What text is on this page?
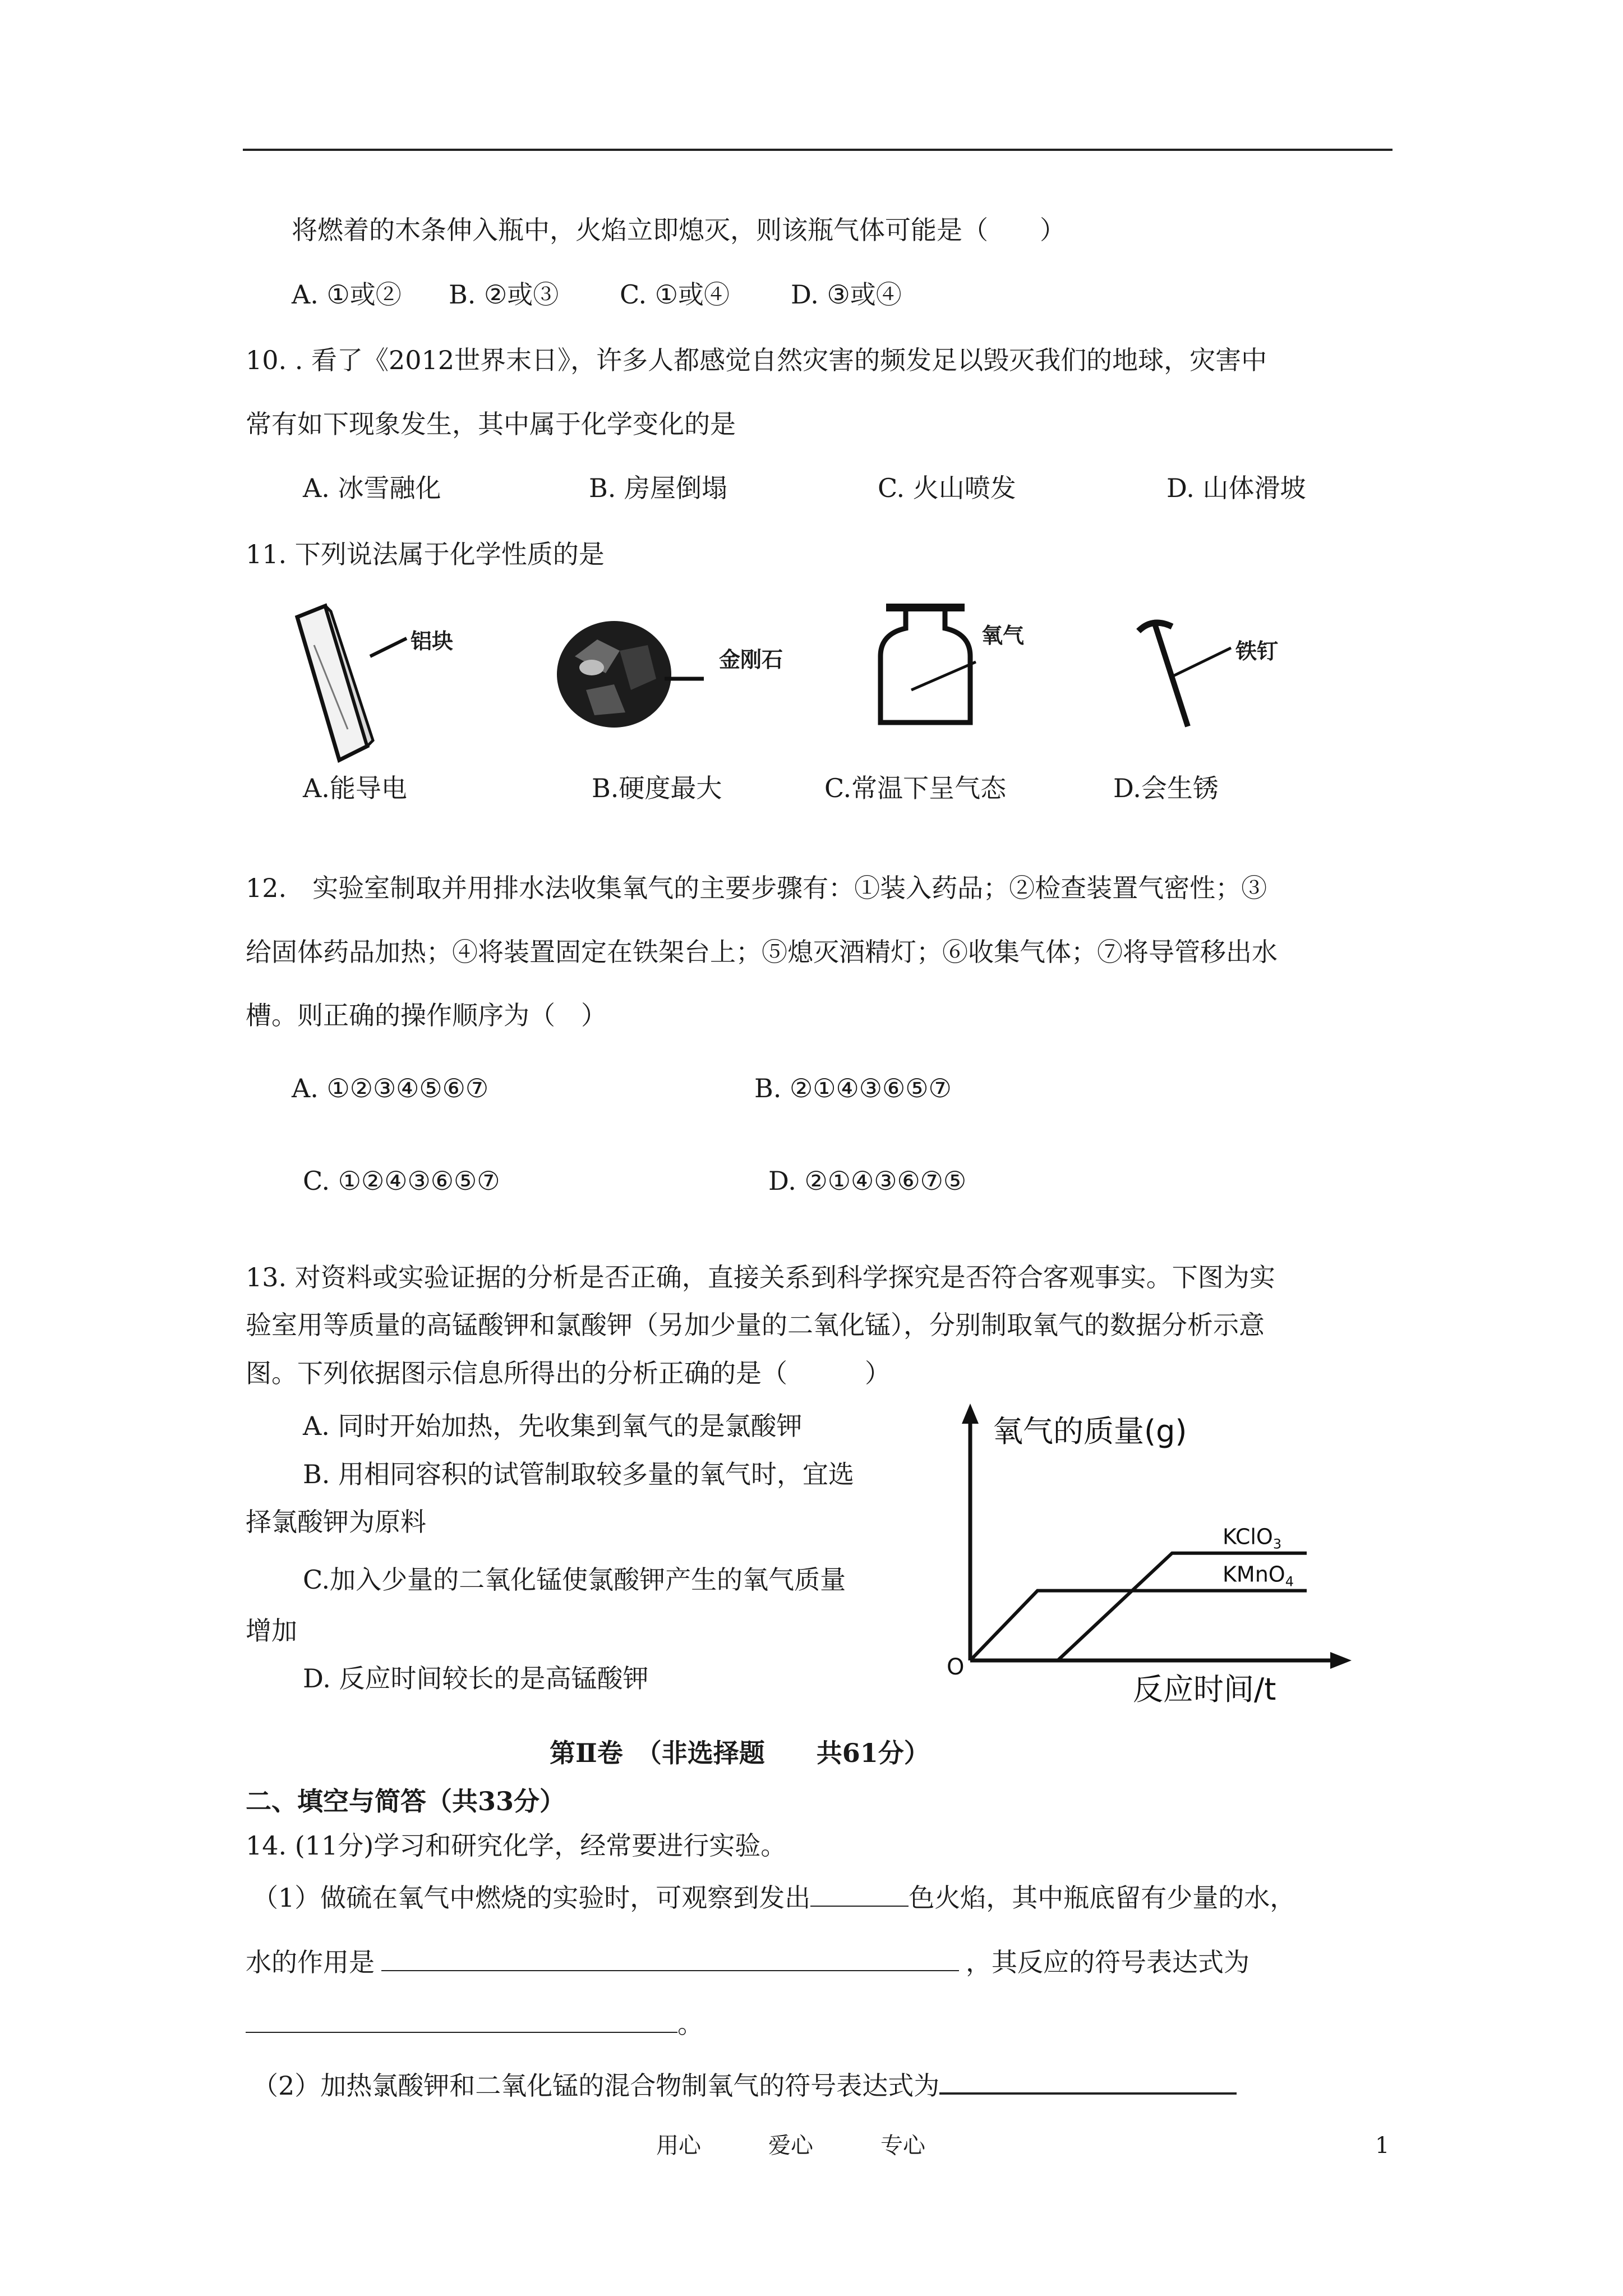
将燃着的木条伸入瓶中，火焰立即熄灭，则该瓶气体可能是（　　）
A. ①或② B. ②或③ C. ①或④ D. ③或④
10. . 看了《2012世界末日》，许多人都感觉自然灾害的频发足以毁灭我们的地球，灾害中
常有如下现象发生，其中属于化学变化的是
A. 冰雪融化	B. 房屋倒塌	C. 火山喷发	D. 山体滑坡
11. 下列说法属于化学性质的是
铝块
金刚石
氧气
铁钉
A.能导电	B.硬度最大	C.常温下呈气态	D.会生锈
12.　实验室制取并用排水法收集氧气的主要步骤有：①装入药品；②检查装置气密性；③
给固体药品加热；④将装置固定在铁架台上；⑤熄灭酒精灯；⑥收集气体；⑦将导管移出水
槽。则正确的操作顺序为（　）
A. ①②③④⑤⑥⑦	B. ②①④③⑥⑤⑦
C. ①②④③⑥⑤⑦	D. ②①④③⑥⑦⑤
13. 对资料或实验证据的分析是否正确，直接关系到科学探究是否符合客观事实。下图为实
验室用等质量的高锰酸钾和氯酸钾（另加少量的二氧化锰），分别制取氧气的数据分析示意
图。下列依据图示信息所得出的分析正确的是（　　　）
A. 同时开始加热，先收集到氧气的是氯酸钾
B. 用相同容积的试管制取较多量的氧气时，宜选
择氯酸钾为原料
C.加入少量的二氧化锰使氯酸钾产生的氧气质量
增加
D. 反应时间较长的是高锰酸钾
氧气的质量(g)
反应时间/t
O
KClO$_3$
KMnO$_4$
第Ⅱ卷　（非选择题　　共61分）
二、填空与简答（共33分）
14. (11分)学习和研究化学，经常要进行实验。
（1）做硫在氧气中燃烧的实验时，可观察到发出	色火焰，其中瓶底留有少量的水，
水的作用是	，其反应的符号表达式为
。
（2）加热氯酸钾和二氧化锰的混合物制氧气的符号表达式为
用心	爱心	专心	1
